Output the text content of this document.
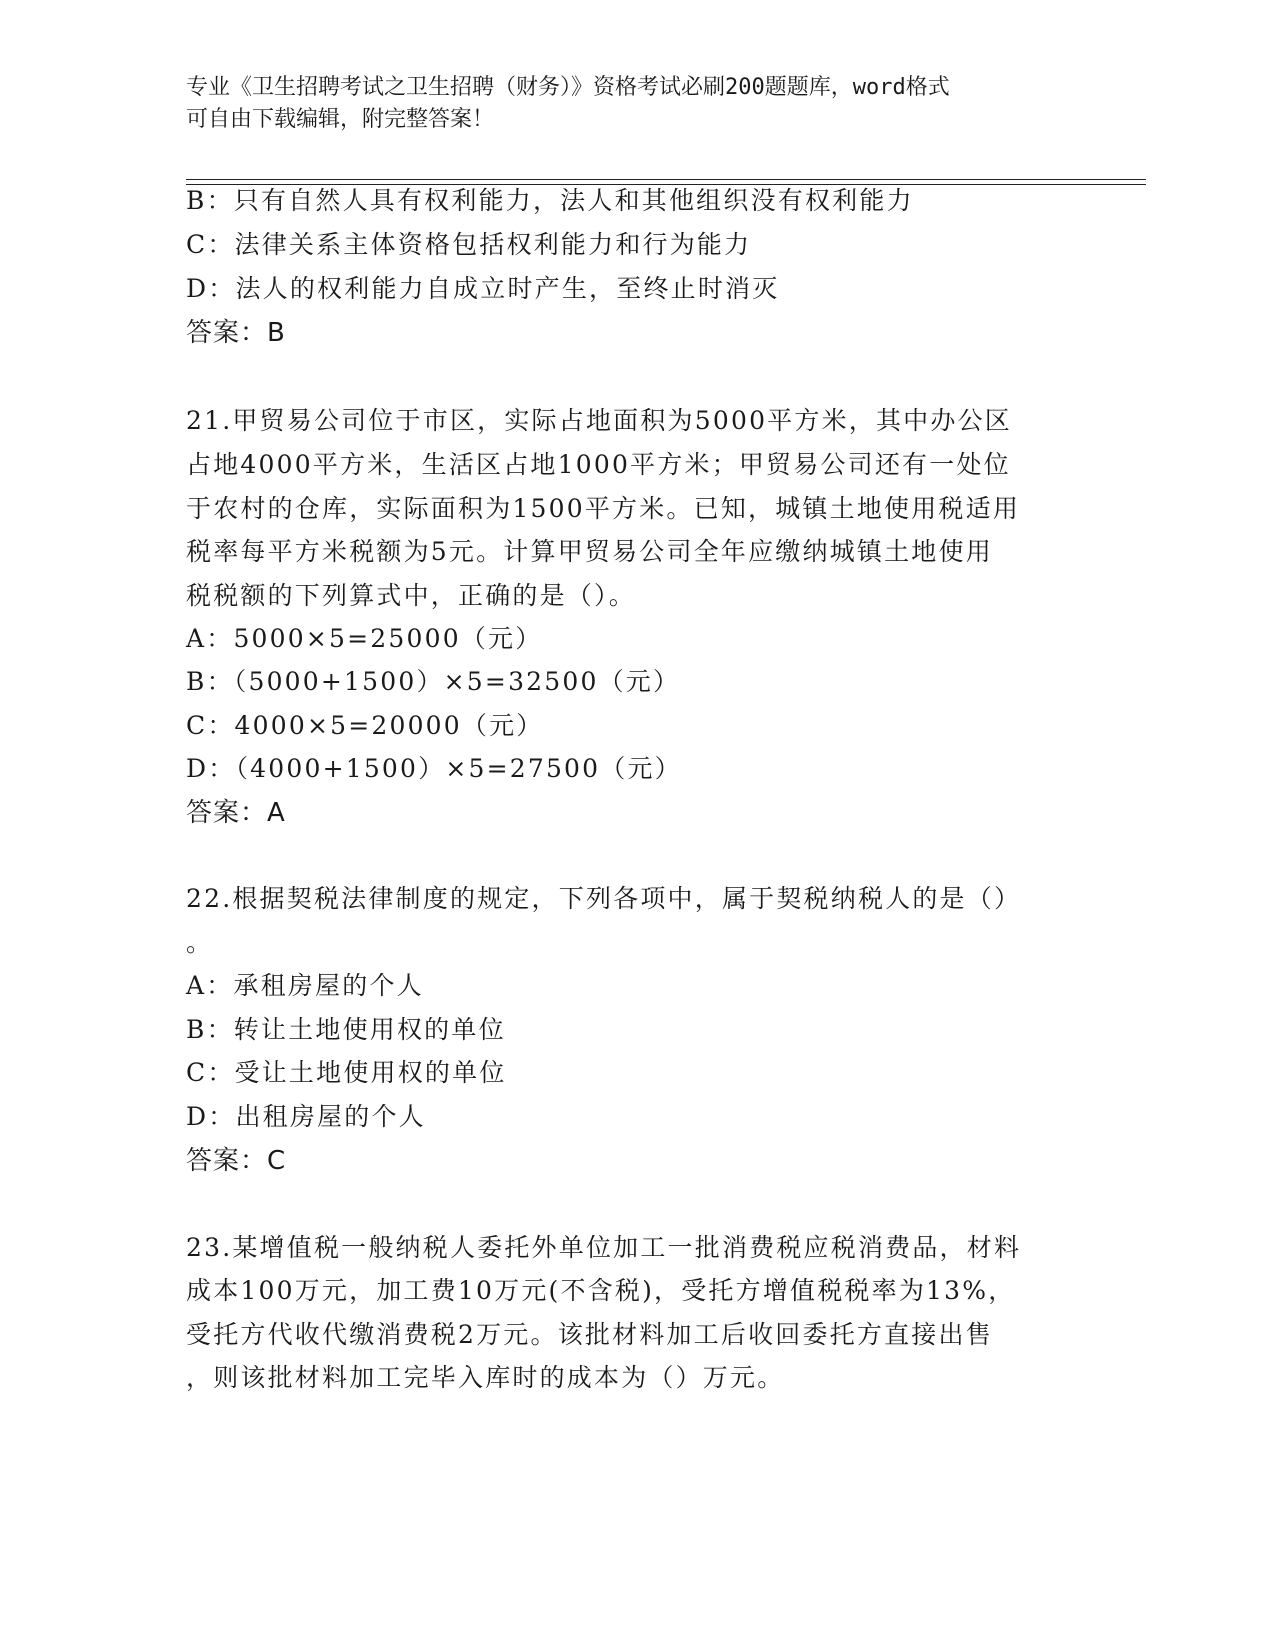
专业《卫生招聘考试之卫生招聘（财务）》资格考试必刷200题题库，word格式
可自由下载编辑，附完整答案！
B：只有自然人具有权利能力，法人和其他组织没有权利能力
C：法律关系主体资格包括权利能力和行为能力
D：法人的权利能力自成立时产生，至终止时消灭
答案：B
21.甲贸易公司位于市区，实际占地面积为5000平方米，其中办公区
占地4000平方米，生活区占地1000平方米；甲贸易公司还有一处位
于农村的仓库，实际面积为1500平方米。已知，城镇土地使用税适用
税率每平方米税额为5元。计算甲贸易公司全年应缴纳城镇土地使用
税税额的下列算式中，正确的是（）。
A：5000×5=25000（元）
B：（5000+1500）×5=32500（元）
C：4000×5=20000（元）
D：（4000+1500）×5=27500（元）
答案：A
22.根据契税法律制度的规定，下列各项中，属于契税纳税人的是（）
。
A：承租房屋的个人
B：转让土地使用权的单位
C：受让土地使用权的单位
D：出租房屋的个人
答案：C
23.某增值税一般纳税人委托外单位加工一批消费税应税消费品，材料
成本100万元，加工费10万元(不含税)，受托方增值税税率为13%，
受托方代收代缴消费税2万元。该批材料加工后收回委托方直接出售
，则该批材料加工完毕入库时的成本为（）万元。
